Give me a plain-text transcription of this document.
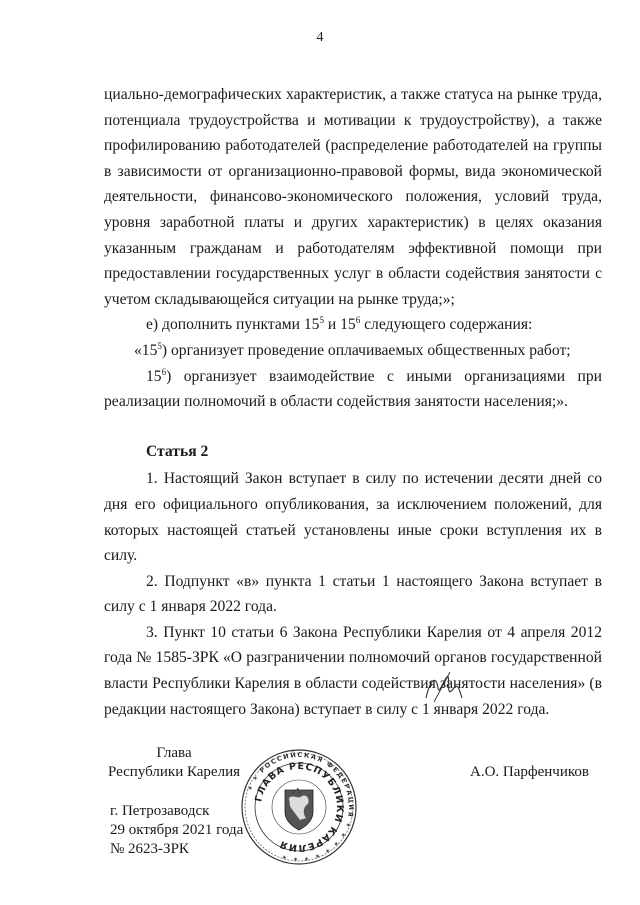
4

циально-демографических характеристик, а также статуса на рынке труда, потенциала трудоустройства и мотивации к трудоустройству), а также профилированию работодателей (распределение работодателей на группы в зависимости от организационно-правовой формы, вида экономической деятельности, финансово-экономического положения, условий труда, уровня заработной платы и других характеристик) в целях оказания указанным гражданам и работодателям эффективной помощи при предоставлении государственных услуг в области содействия занятости с учетом складывающейся ситуации на рынке труда;»;

е) дополнить пунктами $15^5$ и $15^6$ следующего содержания:

«$15^5$) организует проведение оплачиваемых общественных работ;

$15^6$) организует взаимодействие с иными организациями при реализации полномочий в области содействия занятости населения;».

Статья 2

1. Настоящий Закон вступает в силу по истечении десяти дней со дня его официального опубликования, за исключением положений, для которых настоящей статьей установлены иные сроки вступления их в силу.

2. Подпункт «в» пункта 1 статьи 1 настоящего Закона вступает в силу с 1 января 2022 года.

3. Пункт 10 статьи 6 Закона Республики Карелия от 4 апреля 2012 года № 1585-ЗРК «О разграничении полномочий органов государственной власти Республики Карелия в области содействия занятости населения» (в редакции настоящего Закона) вступает в силу с 1 января 2022 года.

Глава
Республики Карелия	А.О. Парфенчиков
г. Петрозаводск
29 октября 2021 года
№ 2623-ЗРК
✶ ✶ РОССИЙСКАЯ ФЕДЕРАЦИЯ ✶ ✶ ✶ ✶ ✶ ✶ ✶ ✶
ГЛАВА РЕСПУБЛИКИ КАРЕЛИЯ
